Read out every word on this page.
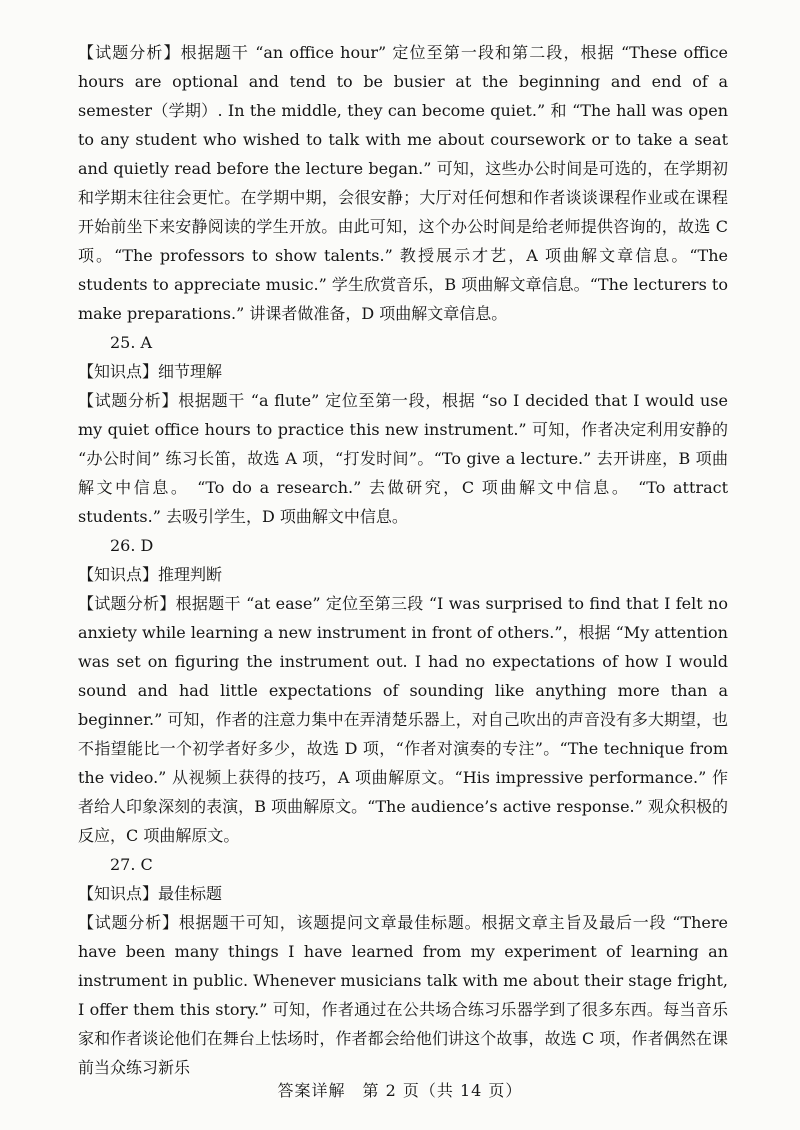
【试题分析】根据题干 “an office hour” 定位至第一段和第二段，根据 “These office hours are optional and tend to be busier at the beginning and end of a semester（学期）. In the middle, they can become quiet.” 和 “The hall was open to any student who wished to talk with me about coursework or to take a seat and quietly read before the lecture began.” 可知，这些办公时间是可选的，在学期初和学期末往往会更忙。在学期中期，会很安静；大厅对任何想和作者谈谈课程作业或在课程开始前坐下来安静阅读的学生开放。由此可知，这个办公时间是给老师提供咨询的，故选 C 项。“The professors to show talents.” 教授展示才艺，A 项曲解文章信息。“The students to appreciate music.” 学生欣赏音乐，B 项曲解文章信息。“The lecturers to make preparations.” 讲课者做准备，D 项曲解文章信息。

25. A

【知识点】细节理解

【试题分析】根据题干 “a flute” 定位至第一段，根据 “so I decided that I would use my quiet office hours to practice this new instrument.” 可知，作者决定利用安静的 “办公时间” 练习长笛，故选 A 项，“打发时间”。“To give a lecture.” 去开讲座，B 项曲解文中信息。 “To do a research.” 去做研究，C 项曲解文中信息。 “To attract students.” 去吸引学生，D 项曲解文中信息。

26. D

【知识点】推理判断

【试题分析】根据题干 “at ease” 定位至第三段 “I was surprised to find that I felt no anxiety while learning a new instrument in front of others.”，根据 “My attention was set on figuring the instrument out. I had no expectations of how I would sound and had little expectations of sounding like anything more than a beginner.” 可知，作者的注意力集中在弄清楚乐器上，对自己吹出的声音没有多大期望，也不指望能比一个初学者好多少，故选 D 项，“作者对演奏的专注”。“The technique from the video.” 从视频上获得的技巧，A 项曲解原文。“His impressive performance.” 作者给人印象深刻的表演，B 项曲解原文。“The audience’s active response.” 观众积极的反应，C 项曲解原文。

27. C

【知识点】最佳标题

【试题分析】根据题干可知，该题提问文章最佳标题。根据文章主旨及最后一段 “There have been many things I have learned from my experiment of learning an instrument in public. Whenever musicians talk with me about their stage fright, I offer them this story.” 可知，作者通过在公共场合练习乐器学到了很多东西。每当音乐家和作者谈论他们在舞台上怯场时，作者都会给他们讲这个故事，故选 C 项，作者偶然在课前当众练习新乐

答案详解　第 2 页（共 14 页）
